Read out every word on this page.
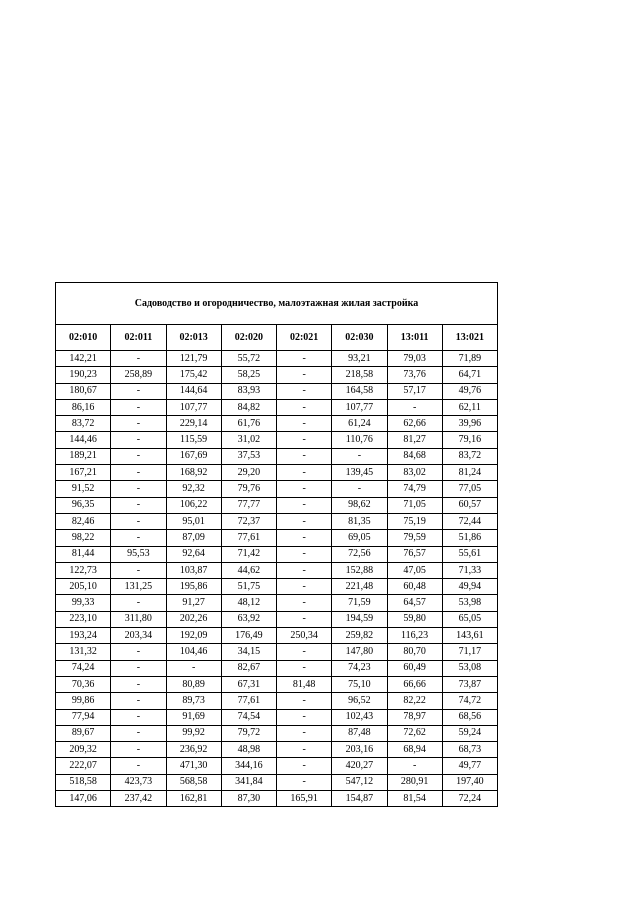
Садоводство и огородничество, малоэтажная жилая застройка							
02:010	02:011	02:013	02:020	02:021	02:030	13:011	13:021
142,21	-	121,79	55,72	-	93,21	79,03	71,89
190,23	258,89	175,42	58,25	-	218,58	73,76	64,71
180,67	-	144,64	83,93	-	164,58	57,17	49,76
86,16	-	107,77	84,82	-	107,77	-	62,11
83,72	-	229,14	61,76	-	61,24	62,66	39,96
144,46	-	115,59	31,02	-	110,76	81,27	79,16
189,21	-	167,69	37,53	-	-	84,68	83,72
167,21	-	168,92	29,20	-	139,45	83,02	81,24
91,52	-	92,32	79,76	-	-	74,79	77,05
96,35	-	106,22	77,77	-	98,62	71,05	60,57
82,46	-	95,01	72,37	-	81,35	75,19	72,44
98,22	-	87,09	77,61	-	69,05	79,59	51,86
81,44	95,53	92,64	71,42	-	72,56	76,57	55,61
122,73	-	103,87	44,62	-	152,88	47,05	71,33
205,10	131,25	195,86	51,75	-	221,48	60,48	49,94
99,33	-	91,27	48,12	-	71,59	64,57	53,98
223,10	311,80	202,26	63,92	-	194,59	59,80	65,05
193,24	203,34	192,09	176,49	250,34	259,82	116,23	143,61
131,32	-	104,46	34,15	-	147,80	80,70	71,17
74,24	-	-	82,67	-	74,23	60,49	53,08
70,36	-	80,89	67,31	81,48	75,10	66,66	73,87
99,86	-	89,73	77,61	-	96,52	82,22	74,72
77,94	-	91,69	74,54	-	102,43	78,97	68,56
89,67	-	99,92	79,72	-	87,48	72,62	59,24
209,32	-	236,92	48,98	-	203,16	68,94	68,73
222,07	-	471,30	344,16	-	420,27	-	49,77
518,58	423,73	568,58	341,84	-	547,12	280,91	197,40
147,06	237,42	162,81	87,30	165,91	154,87	81,54	72,24
